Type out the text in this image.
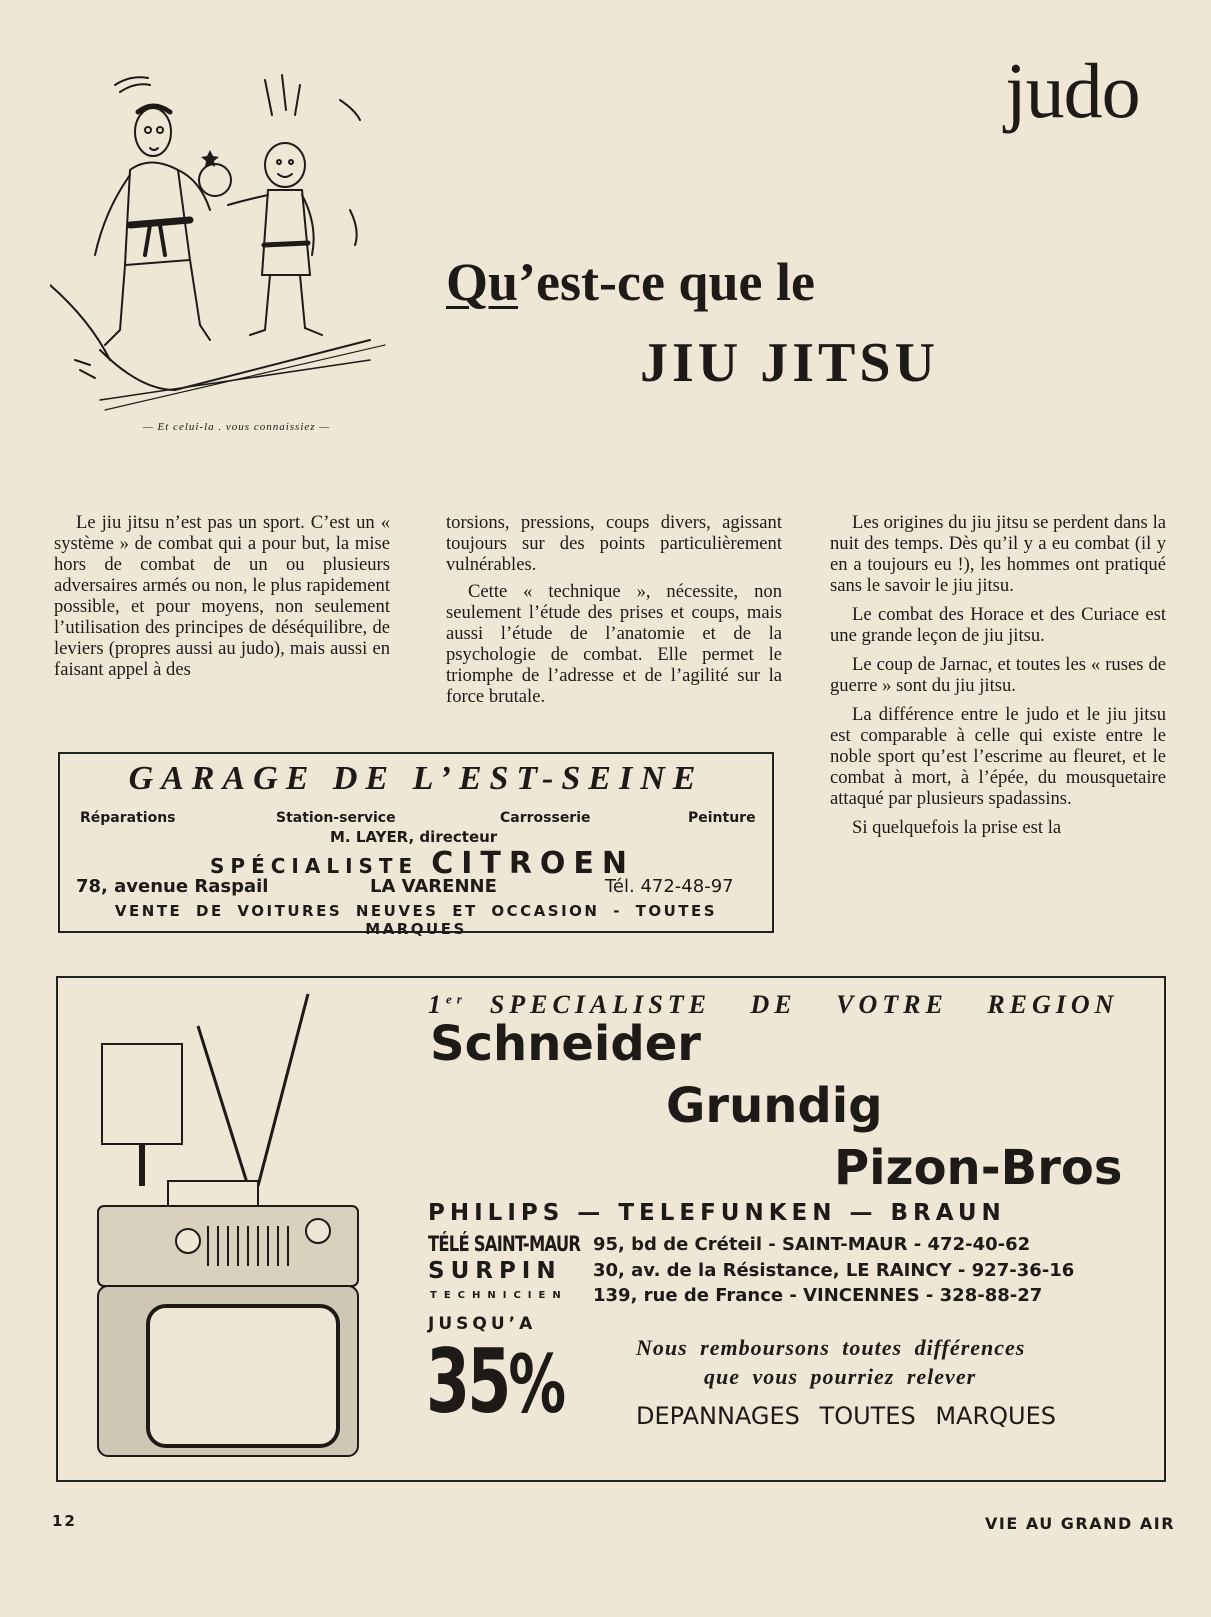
judo
Qu’est-ce que le
JIU JITSU
— Et celui-la . vous connaissiez —

Le jiu jitsu n’est pas un sport. C’est un « système » de combat qui a pour but, la mise hors de combat de un ou plusieurs adversaires armés ou non, le plus rapidement possible, et pour moyens, non seulement l’utilisation des principes de déséquilibre, de leviers (propres aussi au judo), mais aussi en faisant appel à des

torsions, pressions, coups divers, agissant toujours sur des points particulièrement vulnérables.

Cette « technique », nécessite, non seulement l’étude des prises et coups, mais aussi l’étude de l’anatomie et de la psychologie de combat. Elle permet le triomphe de l’adresse et de l’agilité sur la force brutale.

Les origines du jiu jitsu se perdent dans la nuit des temps. Dès qu’il y a eu combat (il y en a toujours eu !), les hommes ont pratiqué sans le savoir le jiu jitsu.

Le combat des Horace et des Curiace est une grande leçon de jiu jitsu.

Le coup de Jarnac, et toutes les « ruses de guerre » sont du jiu jitsu.

La différence entre le judo et le jiu jitsu est comparable à celle qui existe entre le noble sport qu’est l’escrime au fleuret, et le combat à mort, à l’épée, du mousquetaire attaqué par plusieurs spadassins.

Si quelquefois la prise est la

GARAGE DE L’EST-SEINE
Réparations	Station-service	Carrosserie	Peinture
M. LAYER, directeur
SPÉCIALISTE CITROEN
78, avenue Raspail	LA VARENNE	Tél. 472-48-97
VENTE DE VOITURES NEUVES ET OCCASION - TOUTES MARQUES
1er SPECIALISTE DE VOTRE REGION
Schneider
Grundig
Pizon-Bros
PHILIPS — TELEFUNKEN — BRAUN
TÉLÉ SAINT-MAUR 95, bd de Créteil - SAINT-MAUR - 472-40-62
SURPIN 30, av. de la Résistance, LE RAINCY - 927-36-16
TECHNICIEN 139, rue de France - VINCENNES - 328-88-27
JUSQU’A
35%	Nous remboursons toutes différences
que vous pourriez relever
DEPANNAGES TOUTES MARQUES
12	VIE AU GRAND AIR
